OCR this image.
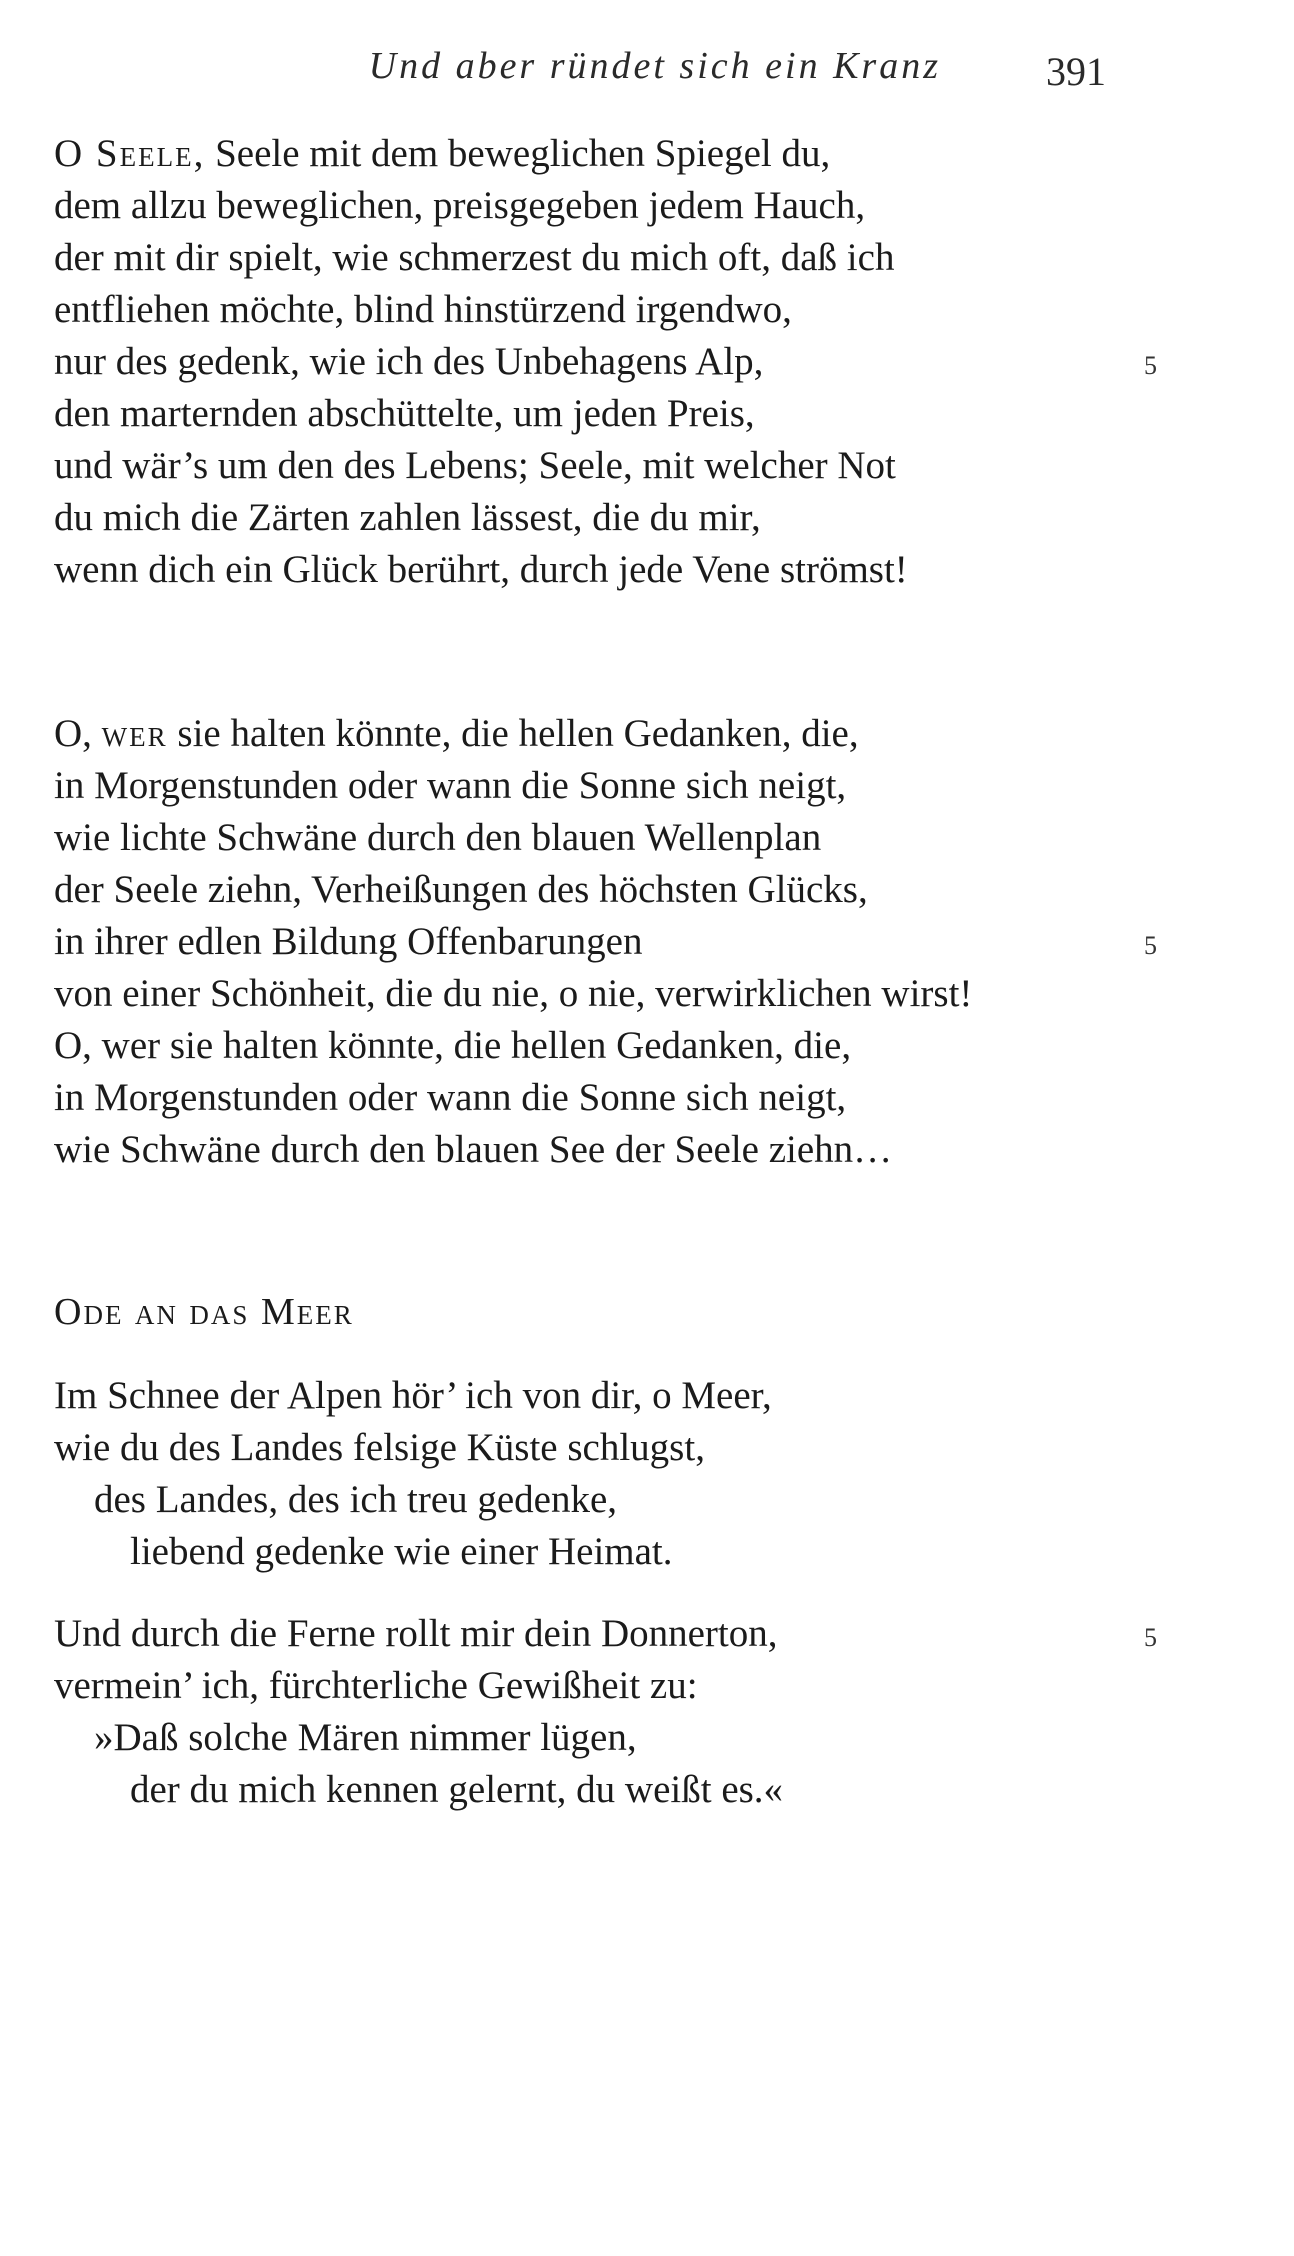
Und aber ründet sich ein Kranz	391
O Seele, Seele mit dem beweglichen Spiegel du,
dem allzu beweglichen, preisgegeben jedem Hauch,
der mit dir spielt, wie schmerzest du mich oft, daß ich
entfliehen möchte, blind hinstürzend irgendwo,
nur des gedenk, wie ich des Unbehagens Alp,	5
den marternden abschüttelte, um jeden Preis,
und wär’s um den des Lebens; Seele, mit welcher Not
du mich die Zärten zahlen lässest, die du mir,
wenn dich ein Glück berührt, durch jede Vene strömst!
O, wer sie halten könnte, die hellen Gedanken, die,
in Morgenstunden oder wann die Sonne sich neigt,
wie lichte Schwäne durch den blauen Wellenplan
der Seele ziehn, Verheißungen des höchsten Glücks,
in ihrer edlen Bildung Offenbarungen	5
von einer Schönheit, die du nie, o nie, verwirklichen wirst!
O, wer sie halten könnte, die hellen Gedanken, die,
in Morgenstunden oder wann die Sonne sich neigt,
wie Schwäne durch den blauen See der Seele ziehn…
Ode an das Meer
Im Schnee der Alpen hör’ ich von dir, o Meer,
wie du des Landes felsige Küste schlugst,
des Landes, des ich treu gedenke,
liebend gedenke wie einer Heimat.
Und durch die Ferne rollt mir dein Donnerton,	5
vermein’ ich, fürchterliche Gewißheit zu:
»Daß solche Mären nimmer lügen,
der du mich kennen gelernt, du weißt es.«
